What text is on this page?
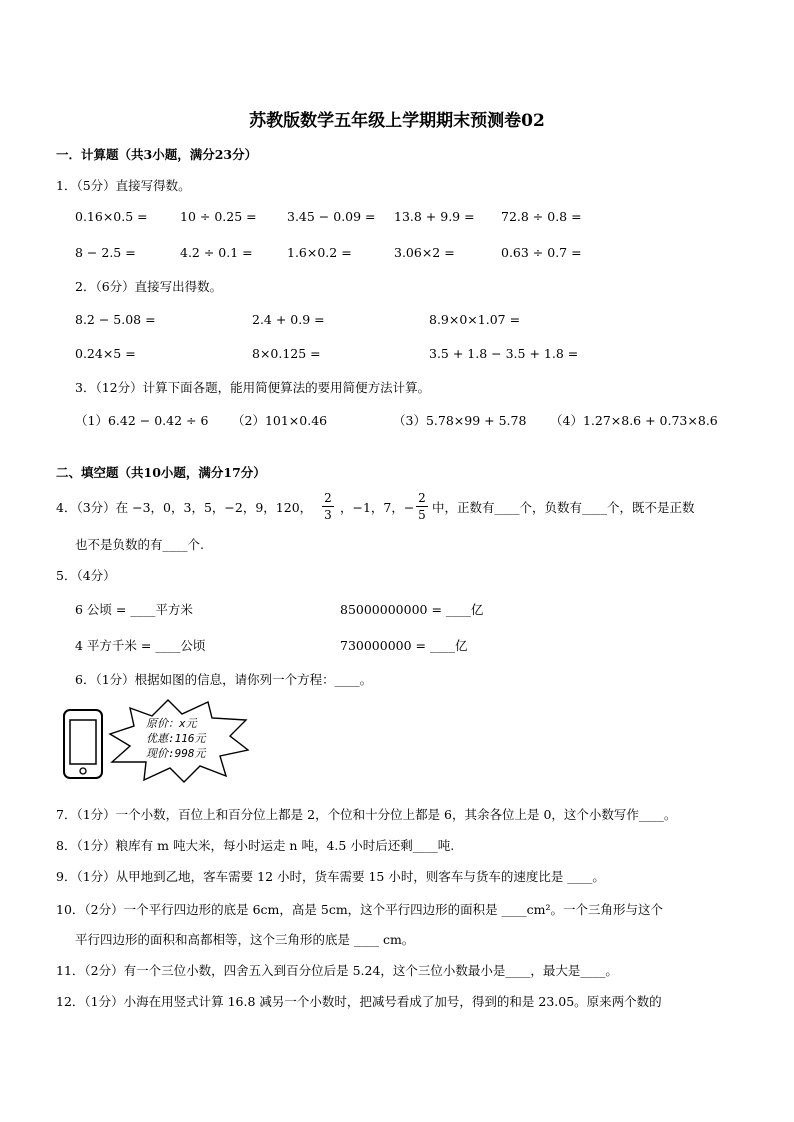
苏教版数学五年级上学期期末预测卷02
一．计算题（共3小题，满分23分）
1．（5分）直接写得数。
0.16×0.5 =	10 ÷ 0.25 = 3.45 − 0.09 = 13.8 + 9.9 = 72.8 ÷ 0.8 =
8 − 2.5 =	4.2 ÷ 0.1 =	1.6×0.2 =	3.06×2 =	0.63 ÷ 0.7 =
2．（6分）直接写出得数。
8.2 − 5.08 =	2.4 + 0.9 =	8.9×0×1.07 =
0.24×5 =	8×0.125 =	3.5 + 1.8 − 3.5 + 1.8 =
3．（12分）计算下面各题，能用简便算法的要用简便方法计算。
（1）6.42 − 0.42 ÷ 6 （2）101×0.46	（3）5.78×99 + 5.78 （4）1.27×8.6 + 0.73×8.6
二、填空题（共10小题，满分17分）
4．（3分）在 −3，0，3，5，−2，9，120，
2
3 ，−1，7，−
2
5 中，正数有____个，负数有____个，既不是正数
也不是负数的有____个.
5．（4分）
6 公顷 = ____平方米	85000000000 = ____亿
4 平方千米 = ____公顷	730000000 = ____亿
6．（1分）根据如图的信息，请你列一个方程：____。
原价：x元
优惠:116元
现价:998元
7．（1分）一个小数，百位上和百分位上都是 2，个位和十分位上都是 6，其余各位上是 0，这个小数写作____。
8．（1分）粮库有 m 吨大米，每小时运走 n 吨，4.5 小时后还剩____吨.
9．（1分）从甲地到乙地，客车需要 12 小时，货车需要 15 小时，则客车与货车的速度比是 ____。
10．（2分）一个平行四边形的底是 6cm，高是 5cm，这个平行四边形的面积是 ____cm²。一个三角形与这个
平行四边形的面积和高都相等，这个三角形的底是 ____ cm。
11．（2分）有一个三位小数，四舍五入到百分位后是 5.24，这个三位小数最小是____，最大是____。
12．（1分）小海在用竖式计算 16.8 减另一个小数时，把减号看成了加号，得到的和是 23.05。原来两个数的
